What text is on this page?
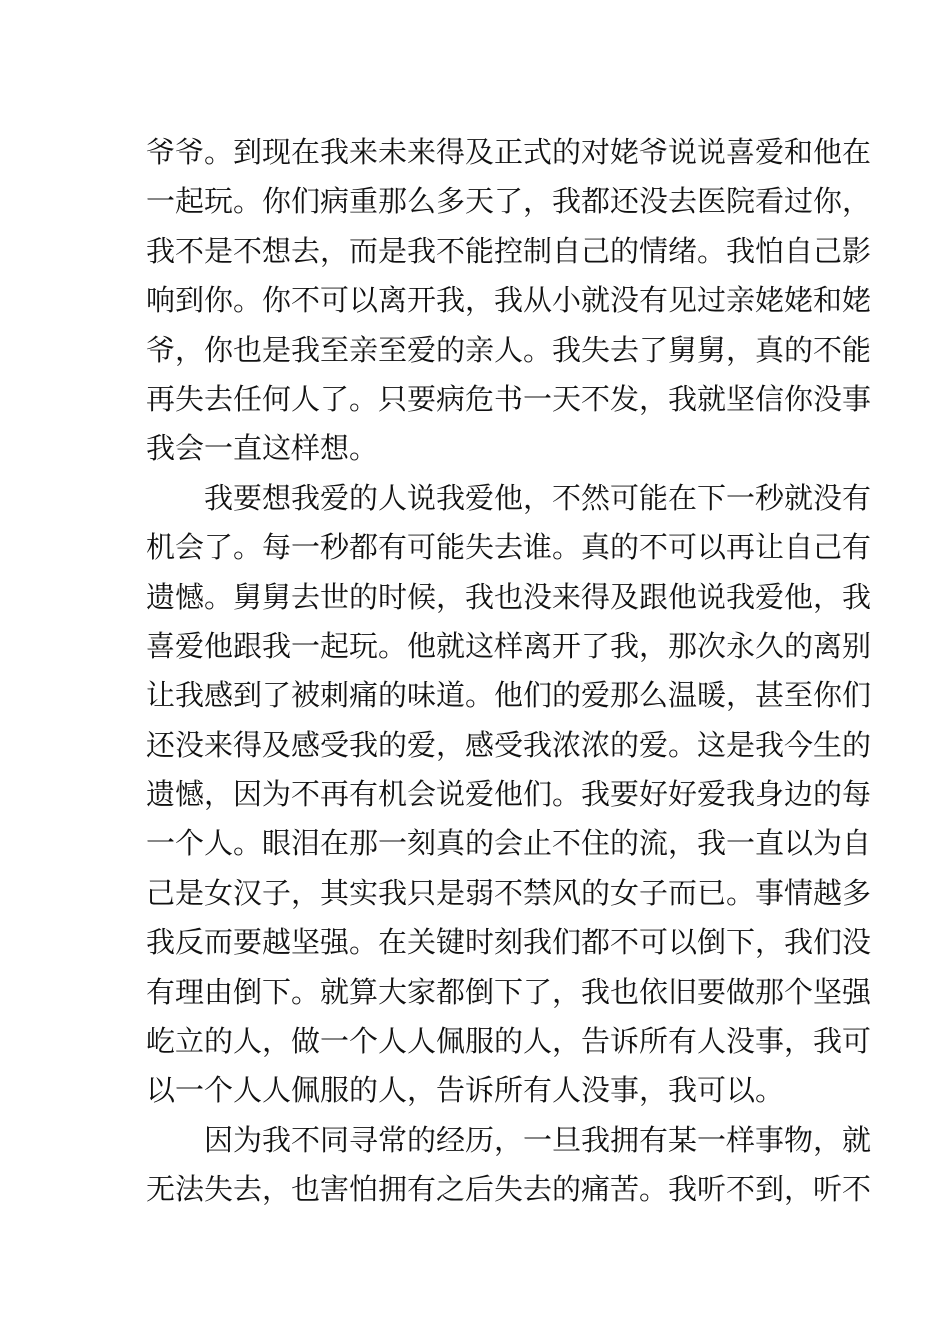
爷爷。到现在我来未来得及正式的对姥爷说说喜爱和他在
一起玩。你们病重那么多天了，我都还没去医院看过你，
我不是不想去，而是我不能控制自己的情绪。我怕自己影
响到你。你不可以离开我，我从小就没有见过亲姥姥和姥
爷，你也是我至亲至爱的亲人。我失去了舅舅，真的不能
再失去任何人了。只要病危书一天不发，我就坚信你没事
我会一直这样想。
　　我要想我爱的人说我爱他，不然可能在下一秒就没有
机会了。每一秒都有可能失去谁。真的不可以再让自己有
遗憾。舅舅去世的时候，我也没来得及跟他说我爱他，我
喜爱他跟我一起玩。他就这样离开了我，那次永久的离别
让我感到了被刺痛的味道。他们的爱那么温暖，甚至你们
还没来得及感受我的爱，感受我浓浓的爱。这是我今生的
遗憾，因为不再有机会说爱他们。我要好好爱我身边的每
一个人。眼泪在那一刻真的会止不住的流，我一直以为自
己是女汉子，其实我只是弱不禁风的女子而已。事情越多
我反而要越坚强。在关键时刻我们都不可以倒下，我们没
有理由倒下。就算大家都倒下了，我也依旧要做那个坚强
屹立的人，做一个人人佩服的人，告诉所有人没事，我可
以一个人人佩服的人，告诉所有人没事，我可以。
　　因为我不同寻常的经历，一旦我拥有某一样事物，就
无法失去，也害怕拥有之后失去的痛苦。我听不到，听不
